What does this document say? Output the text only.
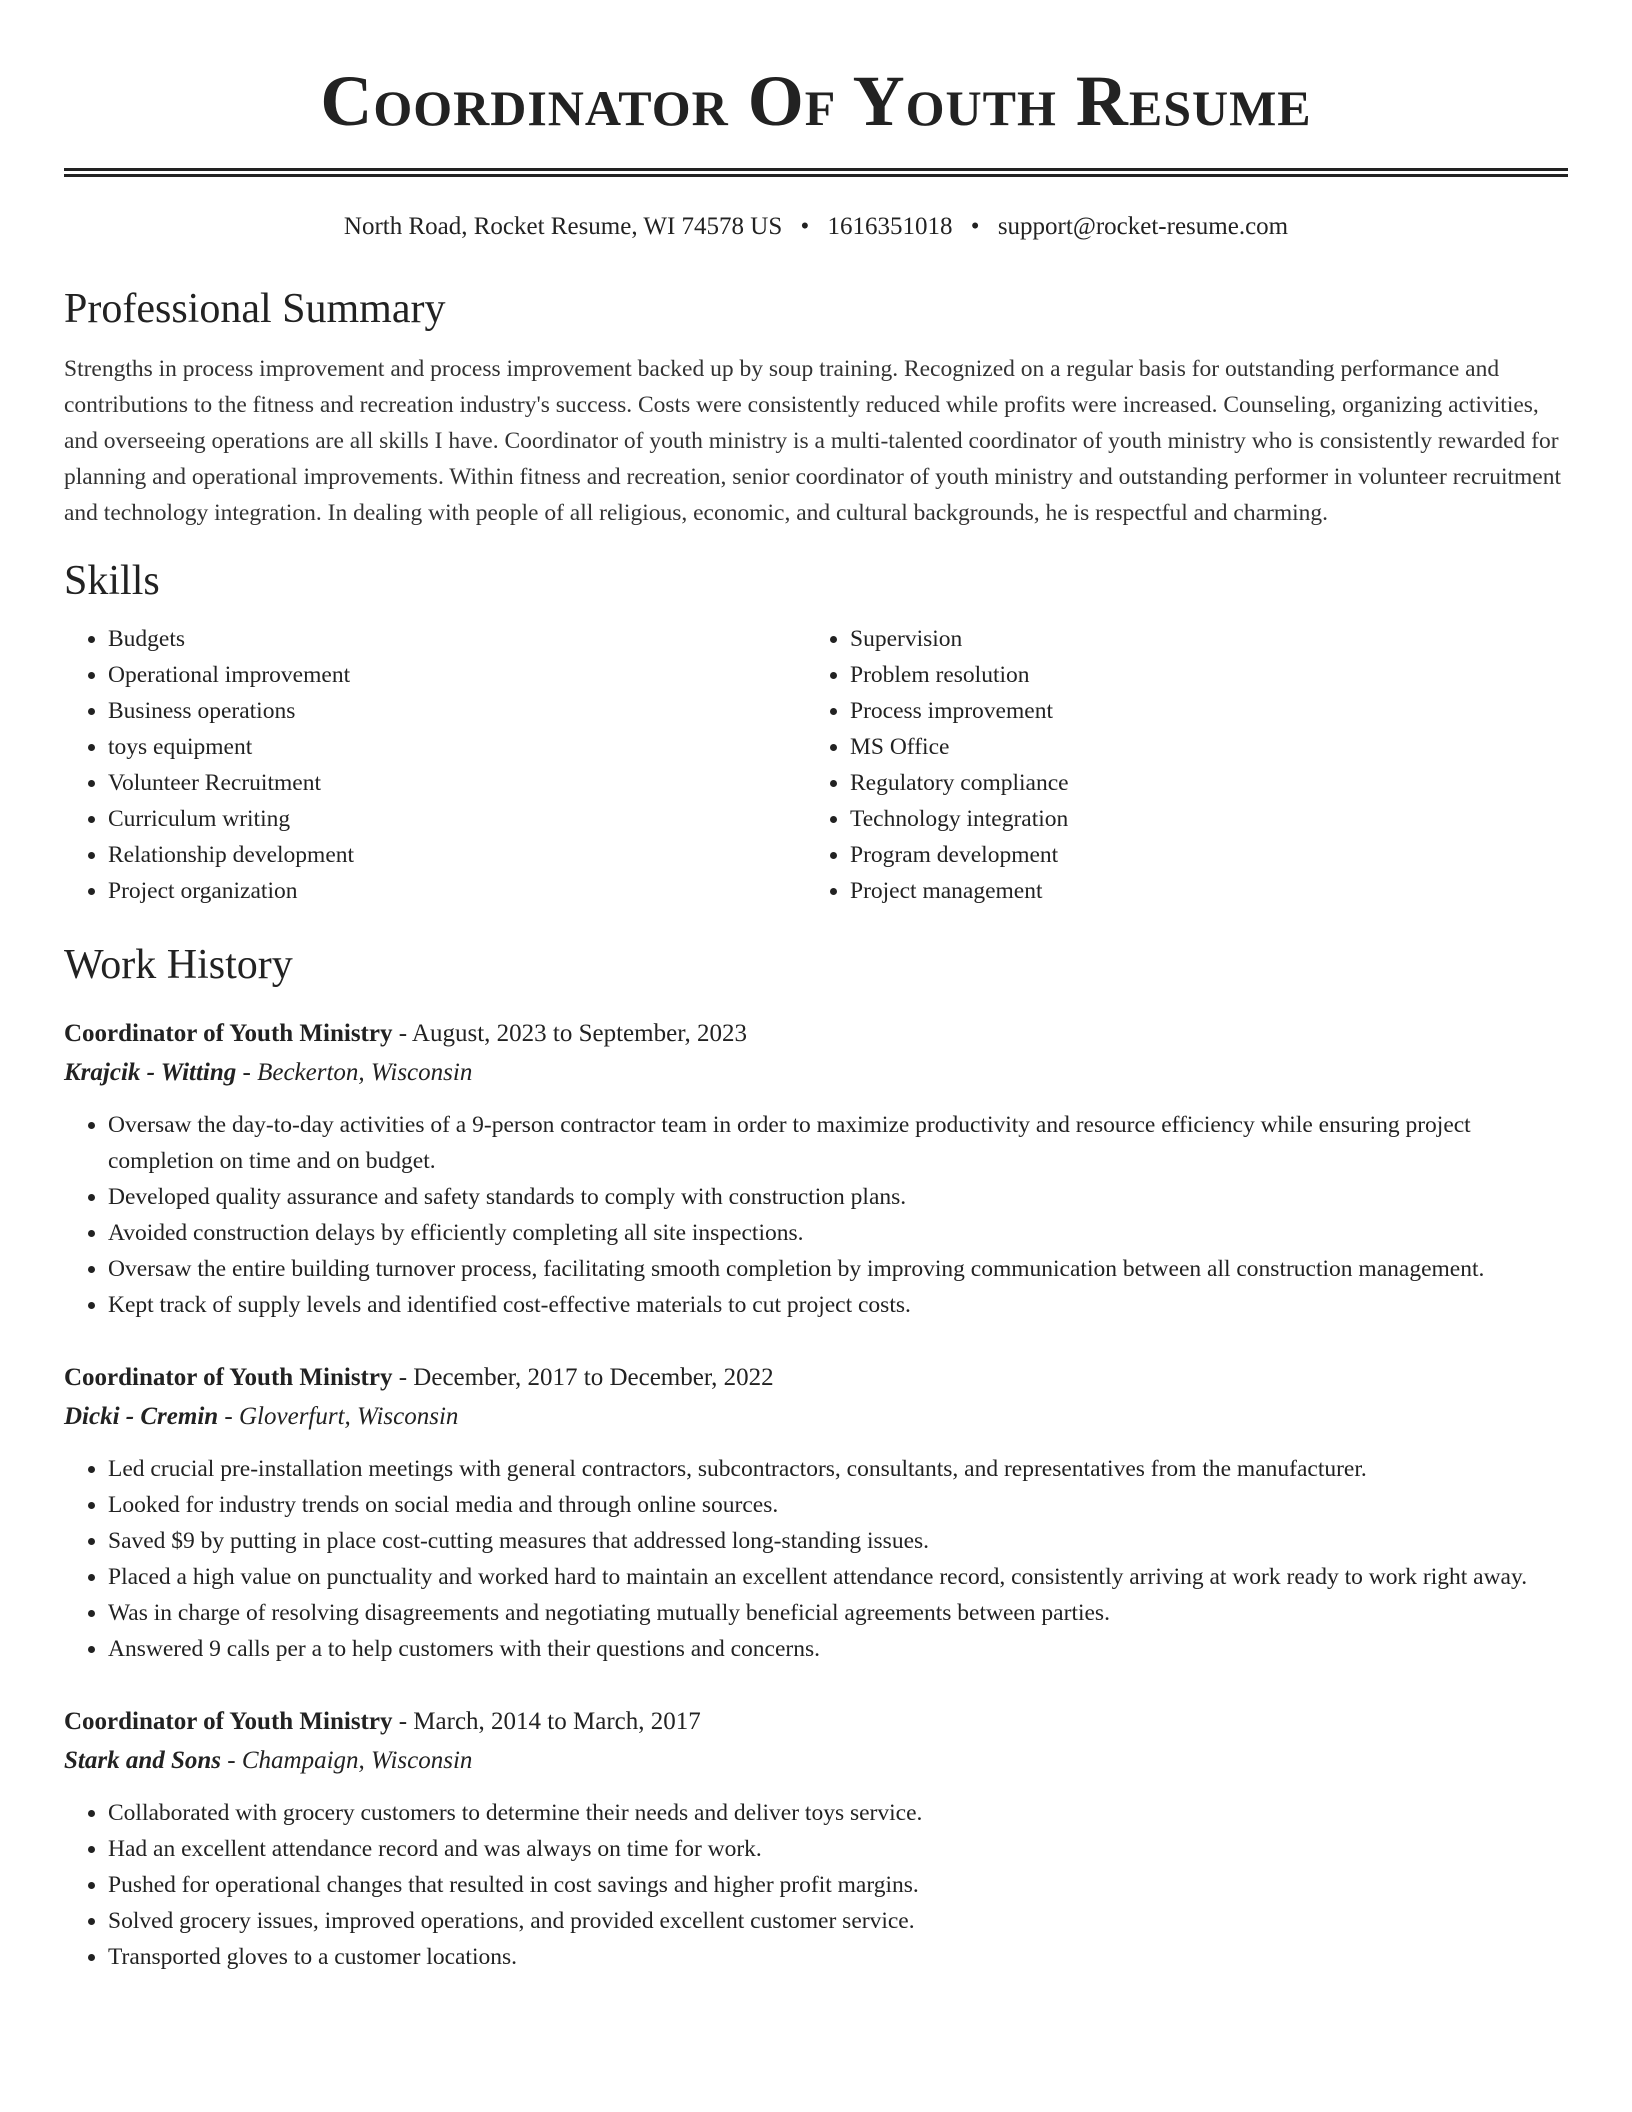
Coordinator Of Youth Resume
North Road, Rocket Resume, WI 74578 US • 1616351018 • support@rocket-resume.com
Professional Summary

Strengths in process improvement and process improvement backed up by soup training. Recognized on a regular basis for outstanding performance and contributions to the fitness and recreation industry's success. Costs were consistently reduced while profits were increased. Counseling, organizing activities, and overseeing operations are all skills I have. Coordinator of youth ministry is a multi-talented coordinator of youth ministry who is consistently rewarded for planning and operational improvements. Within fitness and recreation, senior coordinator of youth ministry and outstanding performer in volunteer recruitment and technology integration. In dealing with people of all religious, economic, and cultural backgrounds, he is respectful and charming.

Skills
• Budgets
• Operational improvement
• Business operations
• toys equipment
• Volunteer Recruitment
• Curriculum writing
• Relationship development
• Project organization
• Supervision
• Problem resolution
• Process improvement
• MS Office
• Regulatory compliance
• Technology integration
• Program development
• Project management
Work History
Coordinator of Youth Ministry - August, 2023 to September, 2023
Krajcik - Witting - Beckerton, Wisconsin
• Oversaw the day-to-day activities of a 9-person contractor team in order to maximize productivity and resource efficiency while ensuring project completion on time and on budget.
• Developed quality assurance and safety standards to comply with construction plans.
• Avoided construction delays by efficiently completing all site inspections.
• Oversaw the entire building turnover process, facilitating smooth completion by improving communication between all construction management.
• Kept track of supply levels and identified cost-effective materials to cut project costs.
Coordinator of Youth Ministry - December, 2017 to December, 2022
Dicki - Cremin - Gloverfurt, Wisconsin
• Led crucial pre-installation meetings with general contractors, subcontractors, consultants, and representatives from the manufacturer.
• Looked for industry trends on social media and through online sources.
• Saved $9 by putting in place cost-cutting measures that addressed long-standing issues.
• Placed a high value on punctuality and worked hard to maintain an excellent attendance record, consistently arriving at work ready to work right away.
• Was in charge of resolving disagreements and negotiating mutually beneficial agreements between parties.
• Answered 9 calls per a to help customers with their questions and concerns.
Coordinator of Youth Ministry - March, 2014 to March, 2017
Stark and Sons - Champaign, Wisconsin
• Collaborated with grocery customers to determine their needs and deliver toys service.
• Had an excellent attendance record and was always on time for work.
• Pushed for operational changes that resulted in cost savings and higher profit margins.
• Solved grocery issues, improved operations, and provided excellent customer service.
• Transported gloves to a customer locations.
